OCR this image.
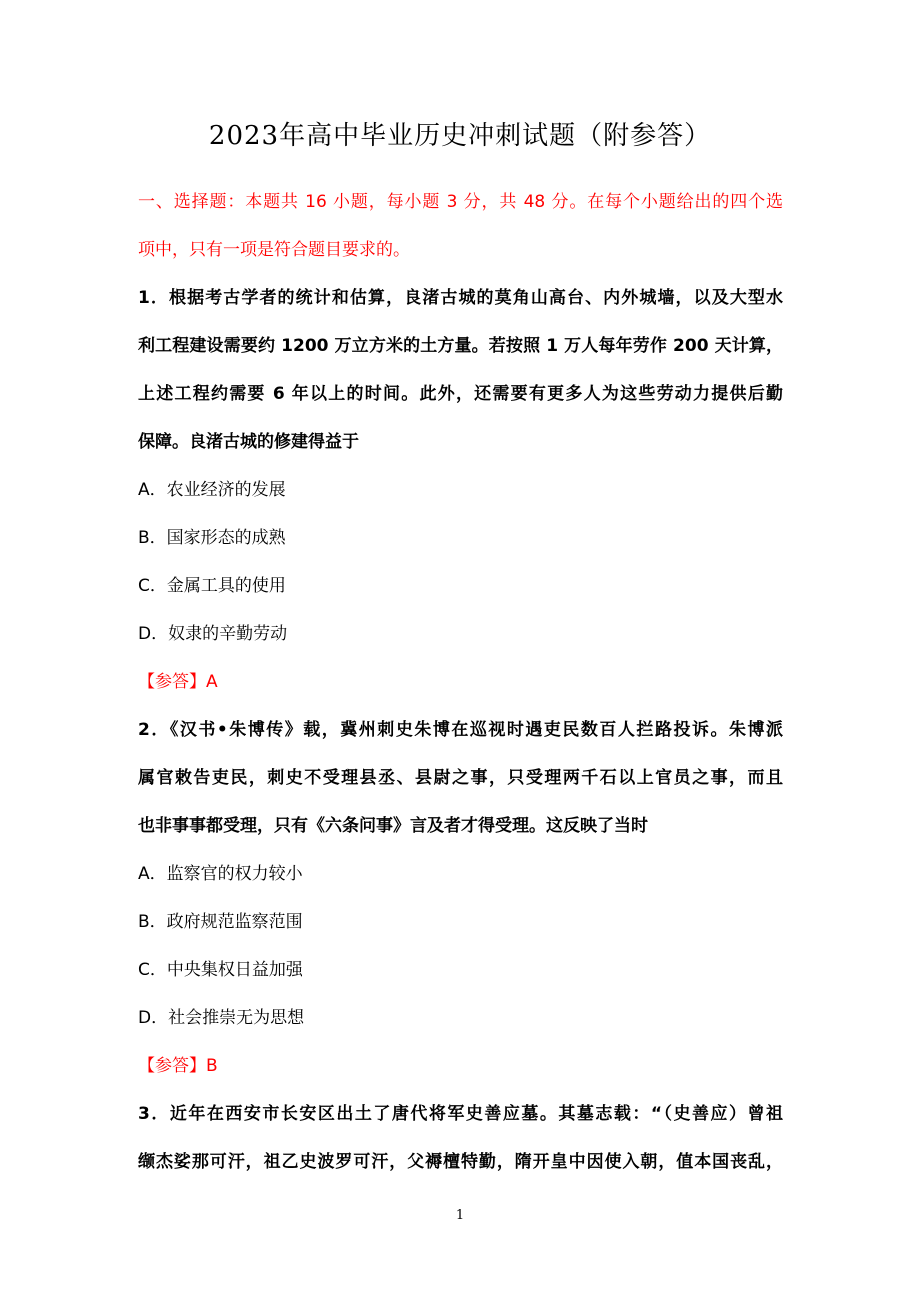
2023年高中毕业历史冲刺试题（附参答）
一、选择题：本题共 16 小题，每小题 3 分，共 48 分。在每个小题给出的四个选
项中，只有一项是符合题目要求的。
1．根据考古学者的统计和估算，良渚古城的莫角山高台、内外城墙，以及大型水
利工程建设需要约 1200 万立方米的土方量。若按照 1 万人每年劳作 200 天计算，
上述工程约需要 6 年以上的时间。此外，还需要有更多人为这些劳动力提供后勤
保障。良渚古城的修建得益于
A．农业经济的发展
B．国家形态的成熟
C．金属工具的使用
D．奴隶的辛勤劳动
【参答】A
2．《汉书•朱博传》载，冀州刺史朱博在巡视时遇吏民数百人拦路投诉。朱博派
属官敕告吏民，刺史不受理县丞、县尉之事，只受理两千石以上官员之事，而且
也非事事都受理，只有《六条问事》言及者才得受理。这反映了当时
A．监察官的权力较小
B．政府规范监察范围
C．中央集权日益加强
D．社会推崇无为思想
【参答】B
3．近年在西安市长安区出土了唐代将军史善应墓。其墓志载：“（史善应）曾祖
缬杰娑那可汗，祖乙史波罗可汗，父褥檀特勤，隋开皇中因使入朝，值本国丧乱，
1
